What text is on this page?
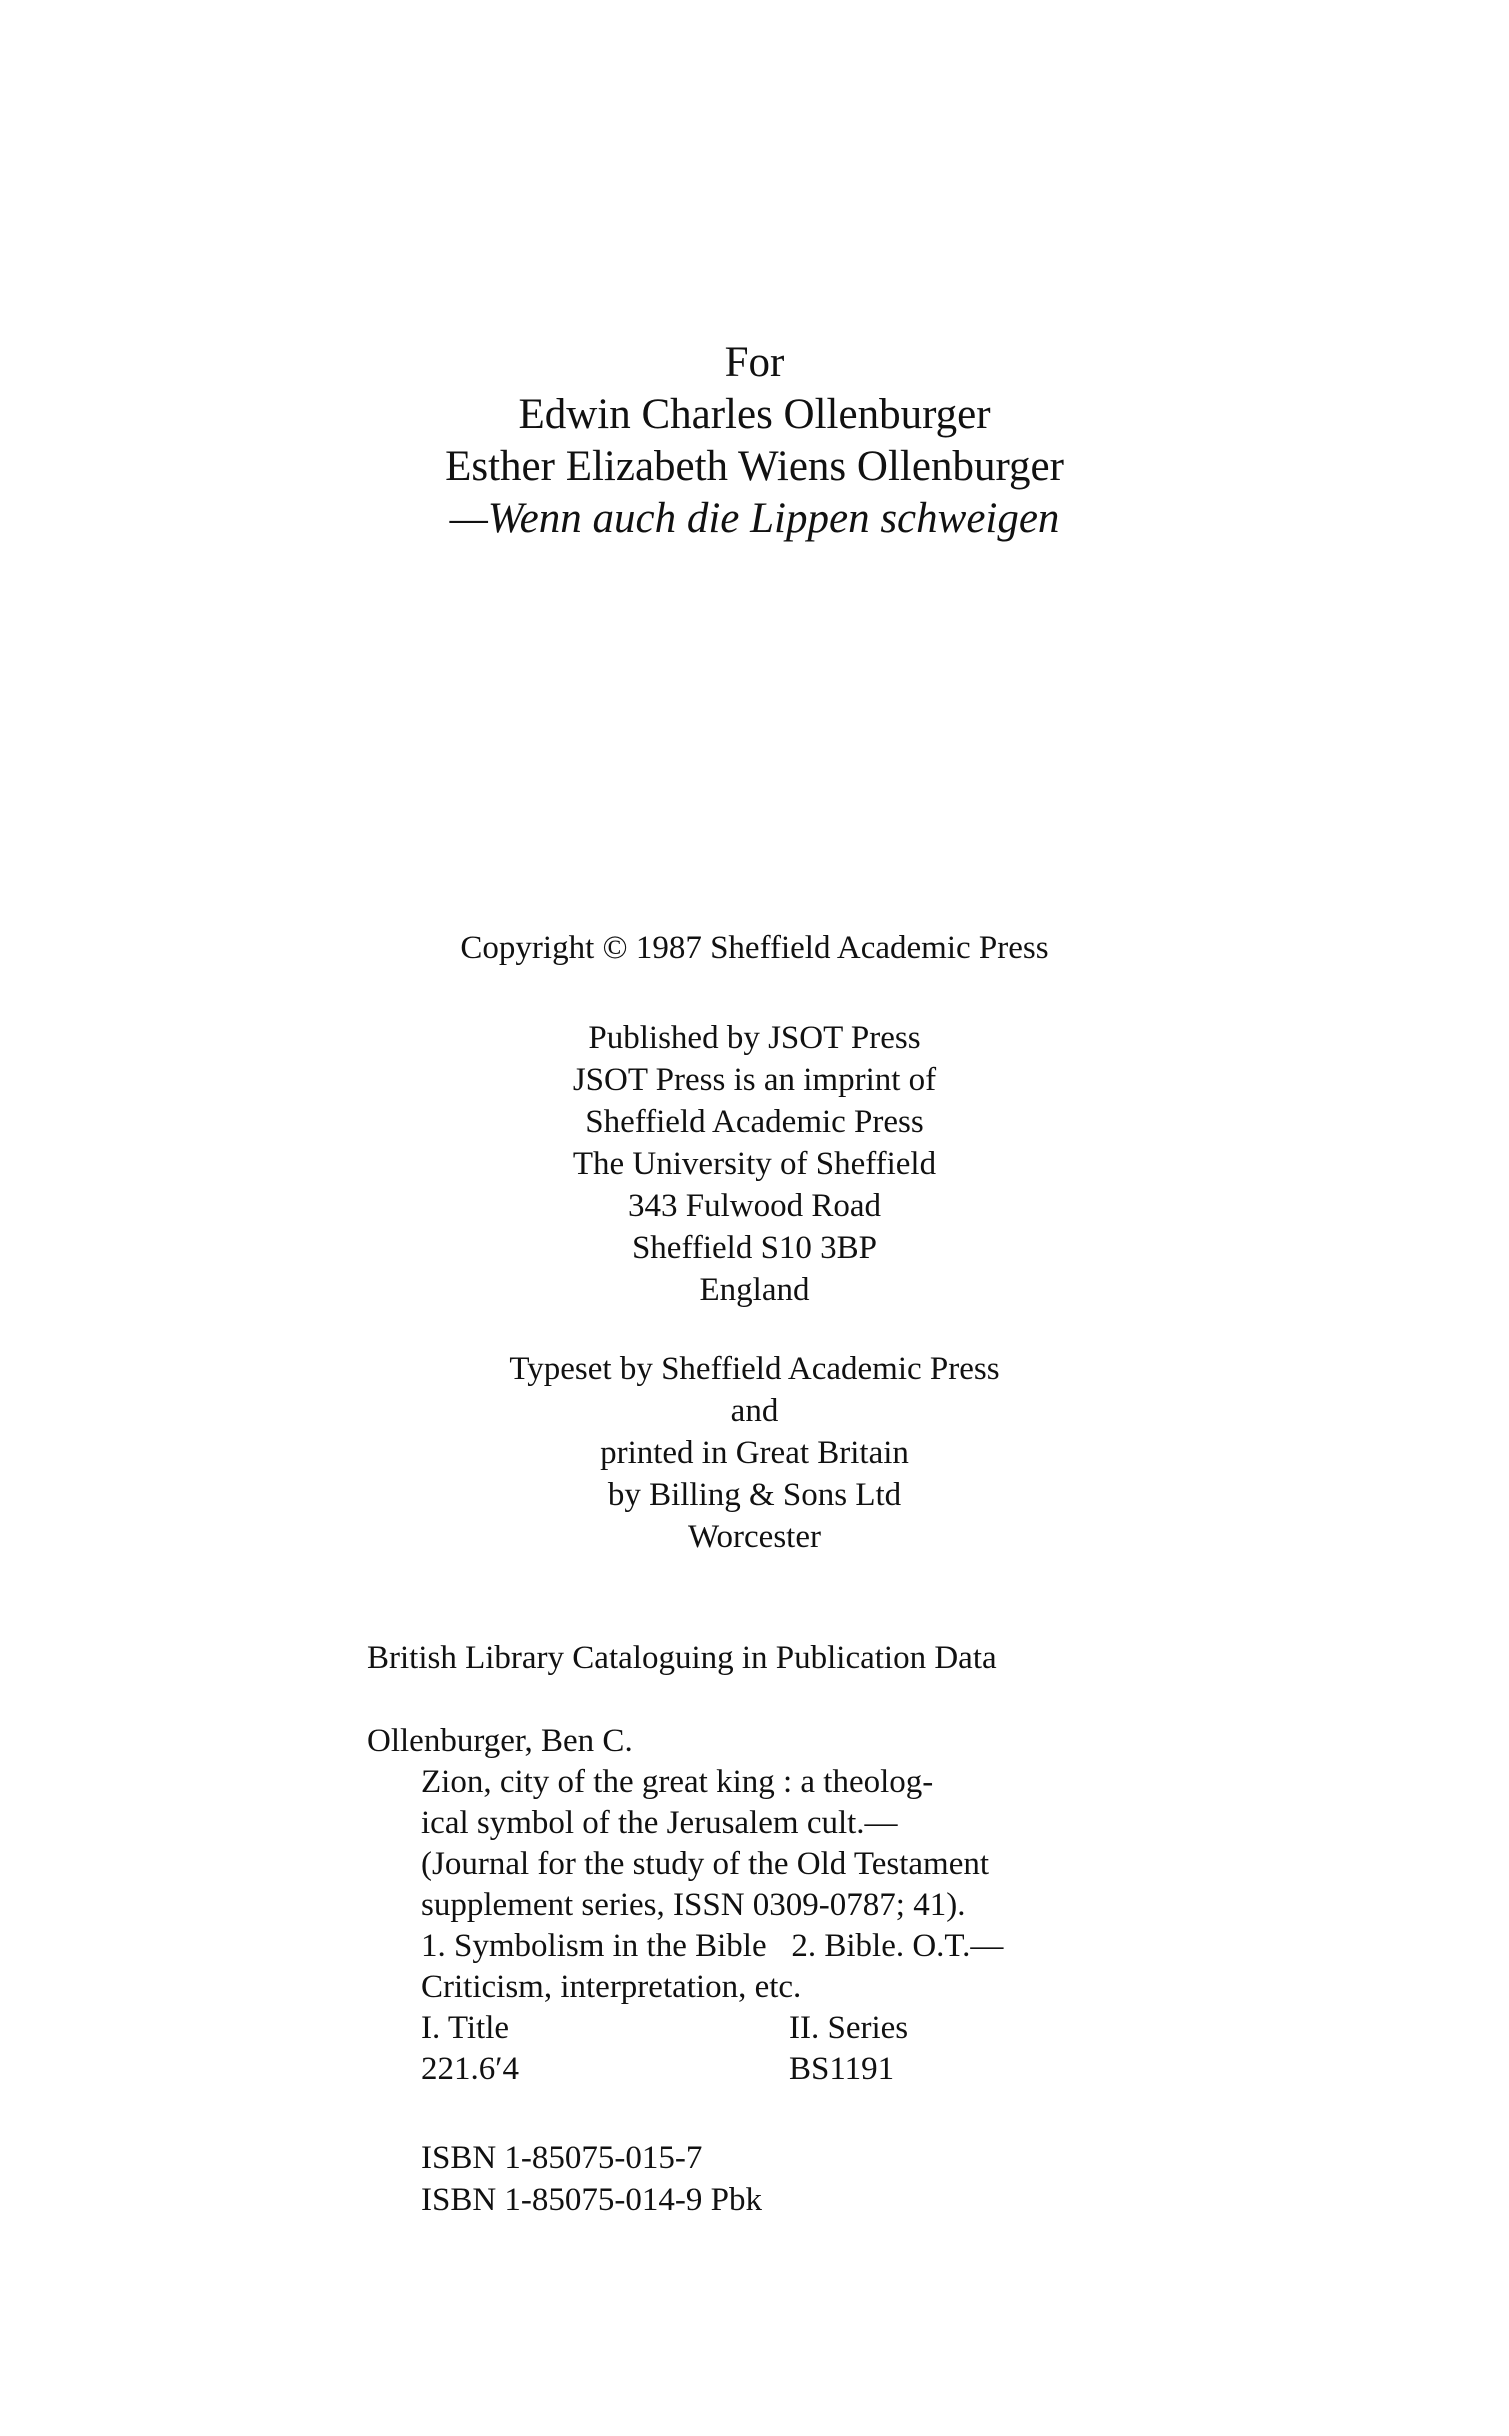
For
Edwin Charles Ollenburger
Esther Elizabeth Wiens Ollenburger
—Wenn auch die Lippen schweigen
Copyright © 1987 Sheffield Academic Press
Published by JSOT Press
JSOT Press is an imprint of
Sheffield Academic Press
The University of Sheffield
343 Fulwood Road
Sheffield S10 3BP
England
Typeset by Sheffield Academic Press
and
printed in Great Britain
by Billing & Sons Ltd
Worcester
British Library Cataloguing in Publication Data
Ollenburger, Ben C.
Zion, city of the great king : a theolog-
ical symbol of the Jerusalem cult.—
(Journal for the study of the Old Testament
supplement series, ISSN 0309-0787; 41).
1. Symbolism in the Bible   2. Bible. O.T.—
Criticism, interpretation, etc.
I. Title	II. Series
221.6′4	BS1191
ISBN 1-85075-015-7
ISBN 1-85075-014-9 Pbk
